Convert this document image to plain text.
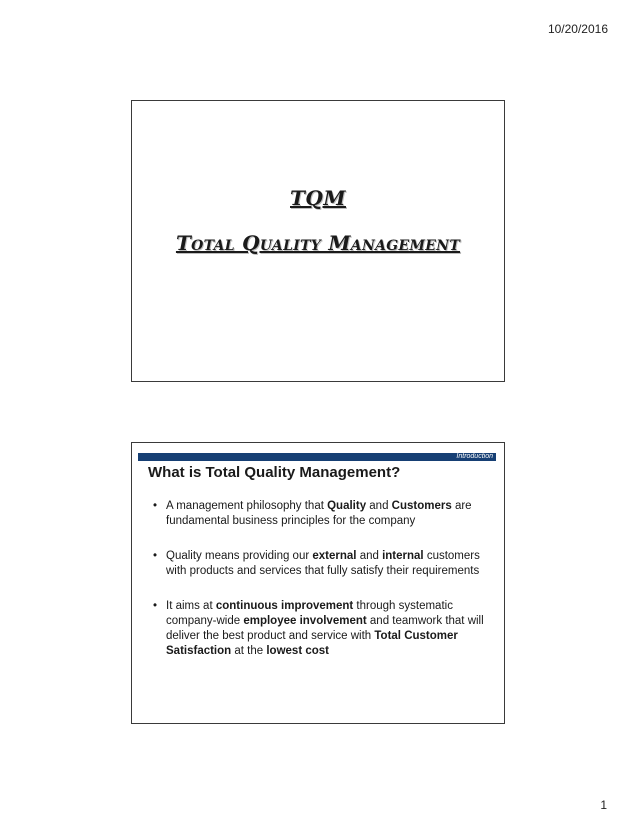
10/20/2016
TQM
Total Quality Management
Introduction
What is Total Quality Management?
• A management philosophy that Quality and Customers are fundamental business principles for the company
• Quality means providing our external and internal customers with products and services that fully satisfy their requirements
• It aims at continuous improvement through systematic company-wide employee involvement and teamwork that will deliver the best product and service with Total Customer Satisfaction at the lowest cost
1
